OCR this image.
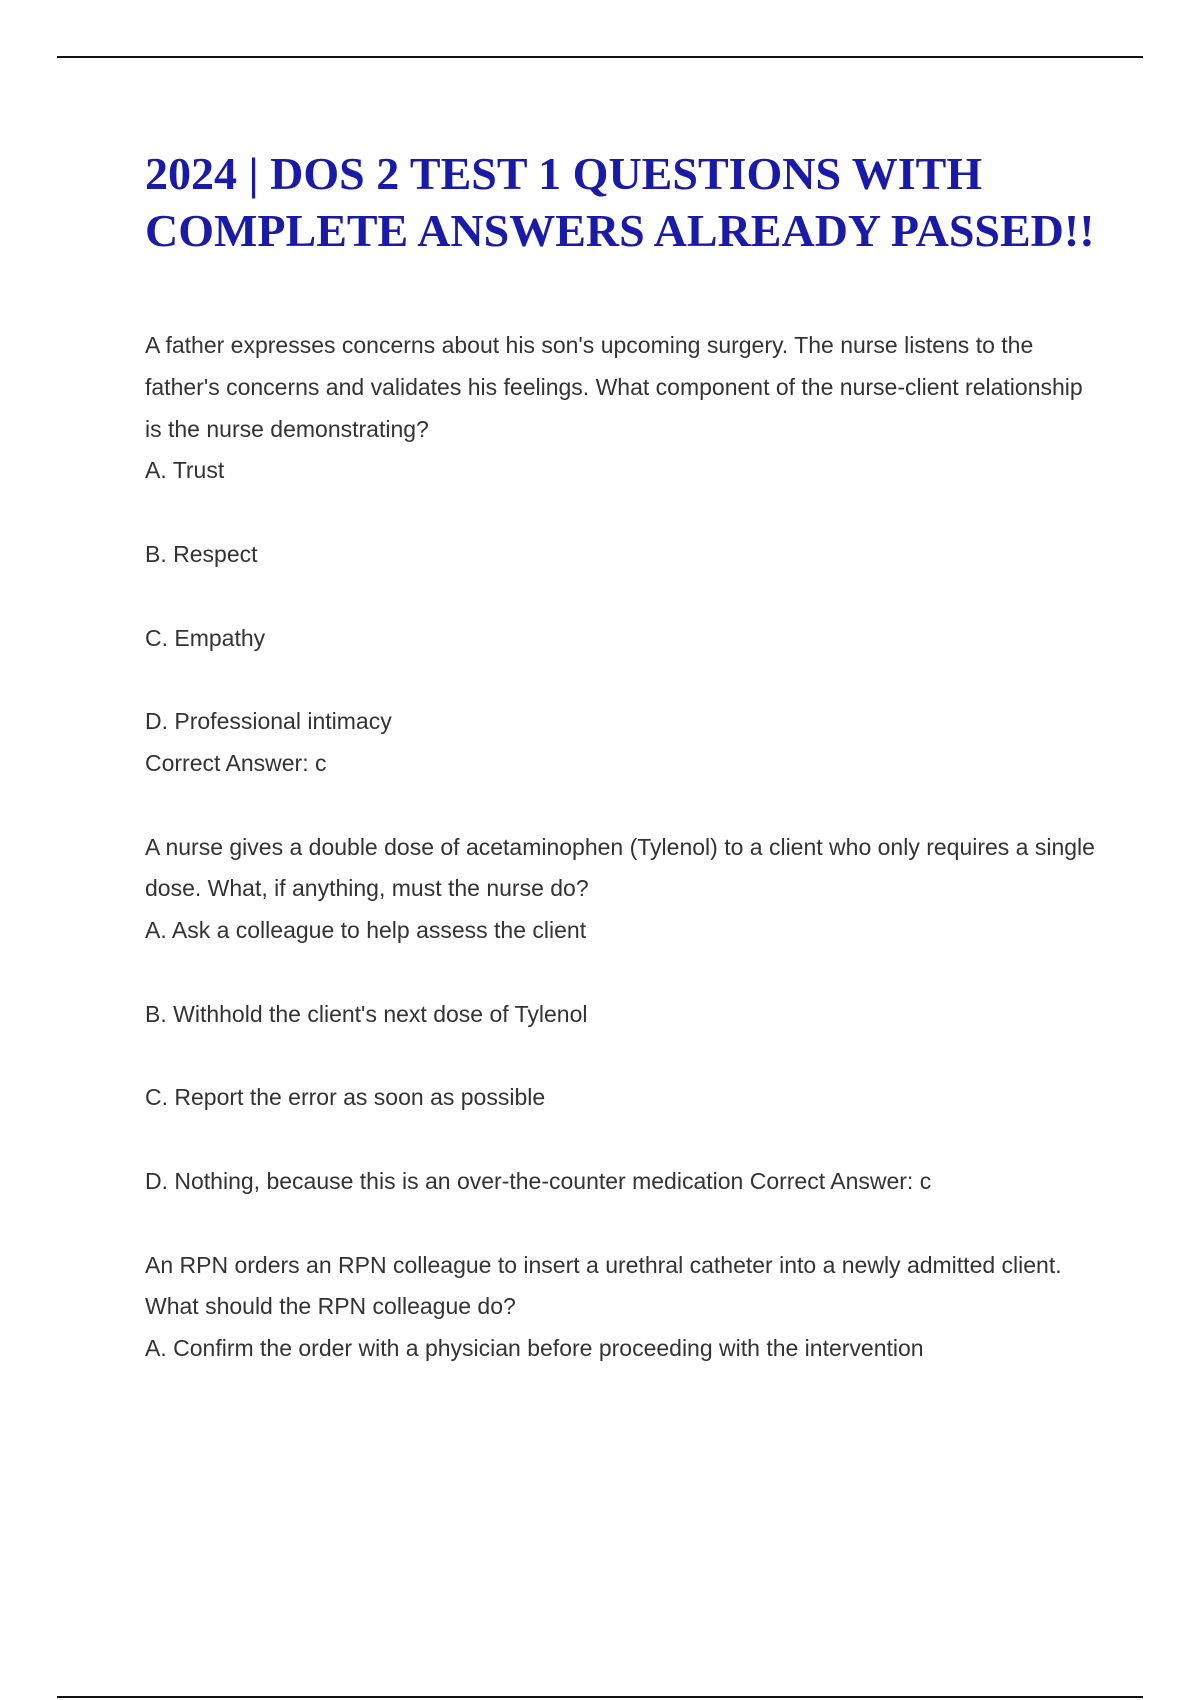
2024 | DOS 2 TEST 1 QUESTIONS WITH COMPLETE ANSWERS ALREADY PASSED!!

A father expresses concerns about his son's upcoming surgery. The nurse listens to the father's concerns and validates his feelings. What component of the nurse-client relationship is the nurse demonstrating?

A. Trust

B. Respect

C. Empathy

D. Professional intimacy

Correct Answer: c

A nurse gives a double dose of acetaminophen (Tylenol) to a client who only requires a single dose. What, if anything, must the nurse do?

A. Ask a colleague to help assess the client

B. Withhold the client's next dose of Tylenol

C. Report the error as soon as possible

D. Nothing, because this is an over-the-counter medication Correct Answer: c

An RPN orders an RPN colleague to insert a urethral catheter into a newly admitted client. What should the RPN colleague do?

A. Confirm the order with a physician before proceeding with the intervention
